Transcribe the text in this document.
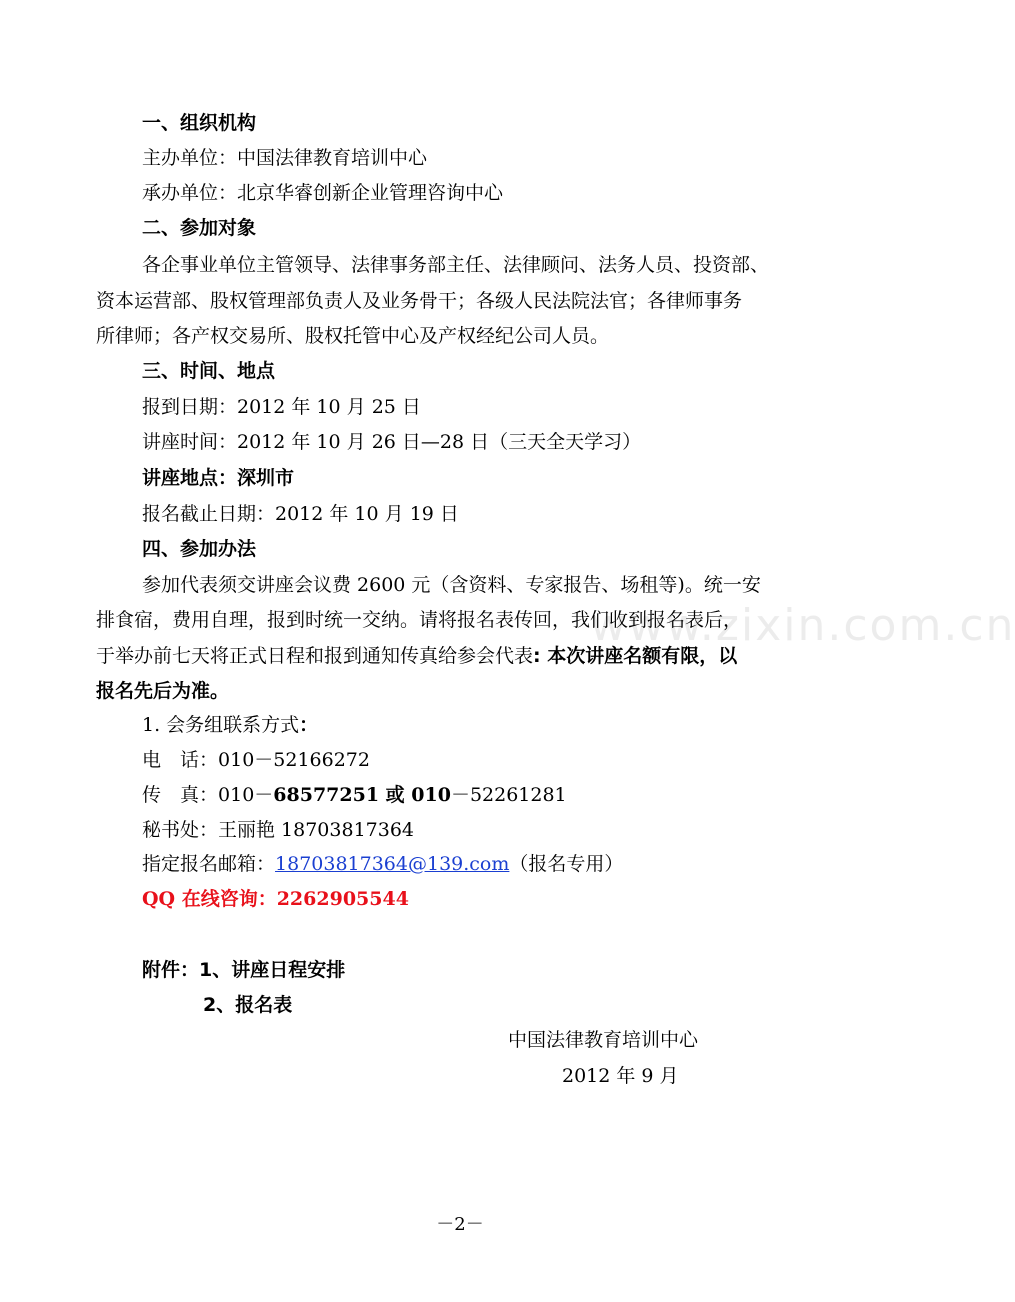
www.zixin.com.cn
一、组织机构
主办单位：中国法律教育培训中心
承办单位：北京华睿创新企业管理咨询中心
二、参加对象
各企事业单位主管领导、法律事务部主任、法律顾问、法务人员、投资部、
资本运营部、股权管理部负责人及业务骨干；各级人民法院法官；各律师事务
所律师；各产权交易所、股权托管中心及产权经纪公司人员。
三、时间、地点
报到日期：2012 年 10 月 25 日
讲座时间：2012 年 10 月 26 日—28 日（三天全天学习）
讲座地点：深圳市
报名截止日期：2012 年 10 月 19 日
四、参加办法
参加代表须交讲座会议费 2600 元（含资料、专家报告、场租等)。统一安
排食宿，费用自理，报到时统一交纳。请将报名表传回，我们收到报名表后，
于举办前七天将正式日程和报到通知传真给参会代表: 本次讲座名额有限，以
报名先后为准。
1. 会务组联系方式：
电　话：010－52166272
传　真：010－68577251 或 010－52261281
秘书处：王丽艳 18703817364
指定报名邮箱：18703817364@139.com（报名专用）
QQ 在线咨询：2262905544
附件：1、讲座日程安排
2、报名表
中国法律教育培训中心
2012 年 9 月
－2－
